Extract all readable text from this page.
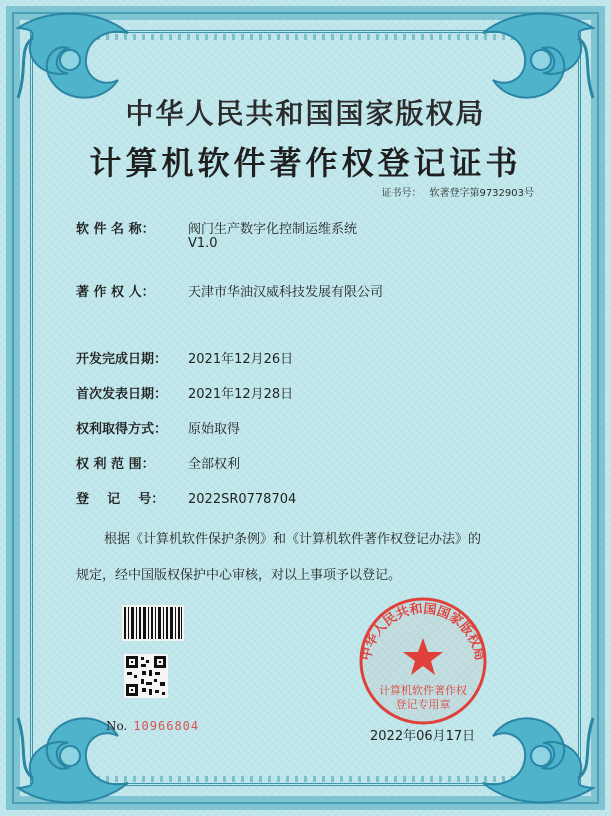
中华人民共和国国家版权局
计算机软件著作权登记证书
证书号： 软著登字第9732903号
软 件 名 称：	阀门生产数字化控制运维系统
V1.0
著 作 权 人：	天津市华油汉威科技发展有限公司
开发完成日期： 2021年12月26日
首次发表日期： 2021年12月28日
权利取得方式： 原始取得
权 利 范 围：	全部权利
登    记    号： 2022SR0778704
根据《计算机软件保护条例》和《计算机软件著作权登记办法》的
规定，经中国版权保护中心审核，对以上事项予以登记。
No. 10966804
中华人民共和国国家版权局
计算机软件著作权
登记专用章
2022年06月17日
